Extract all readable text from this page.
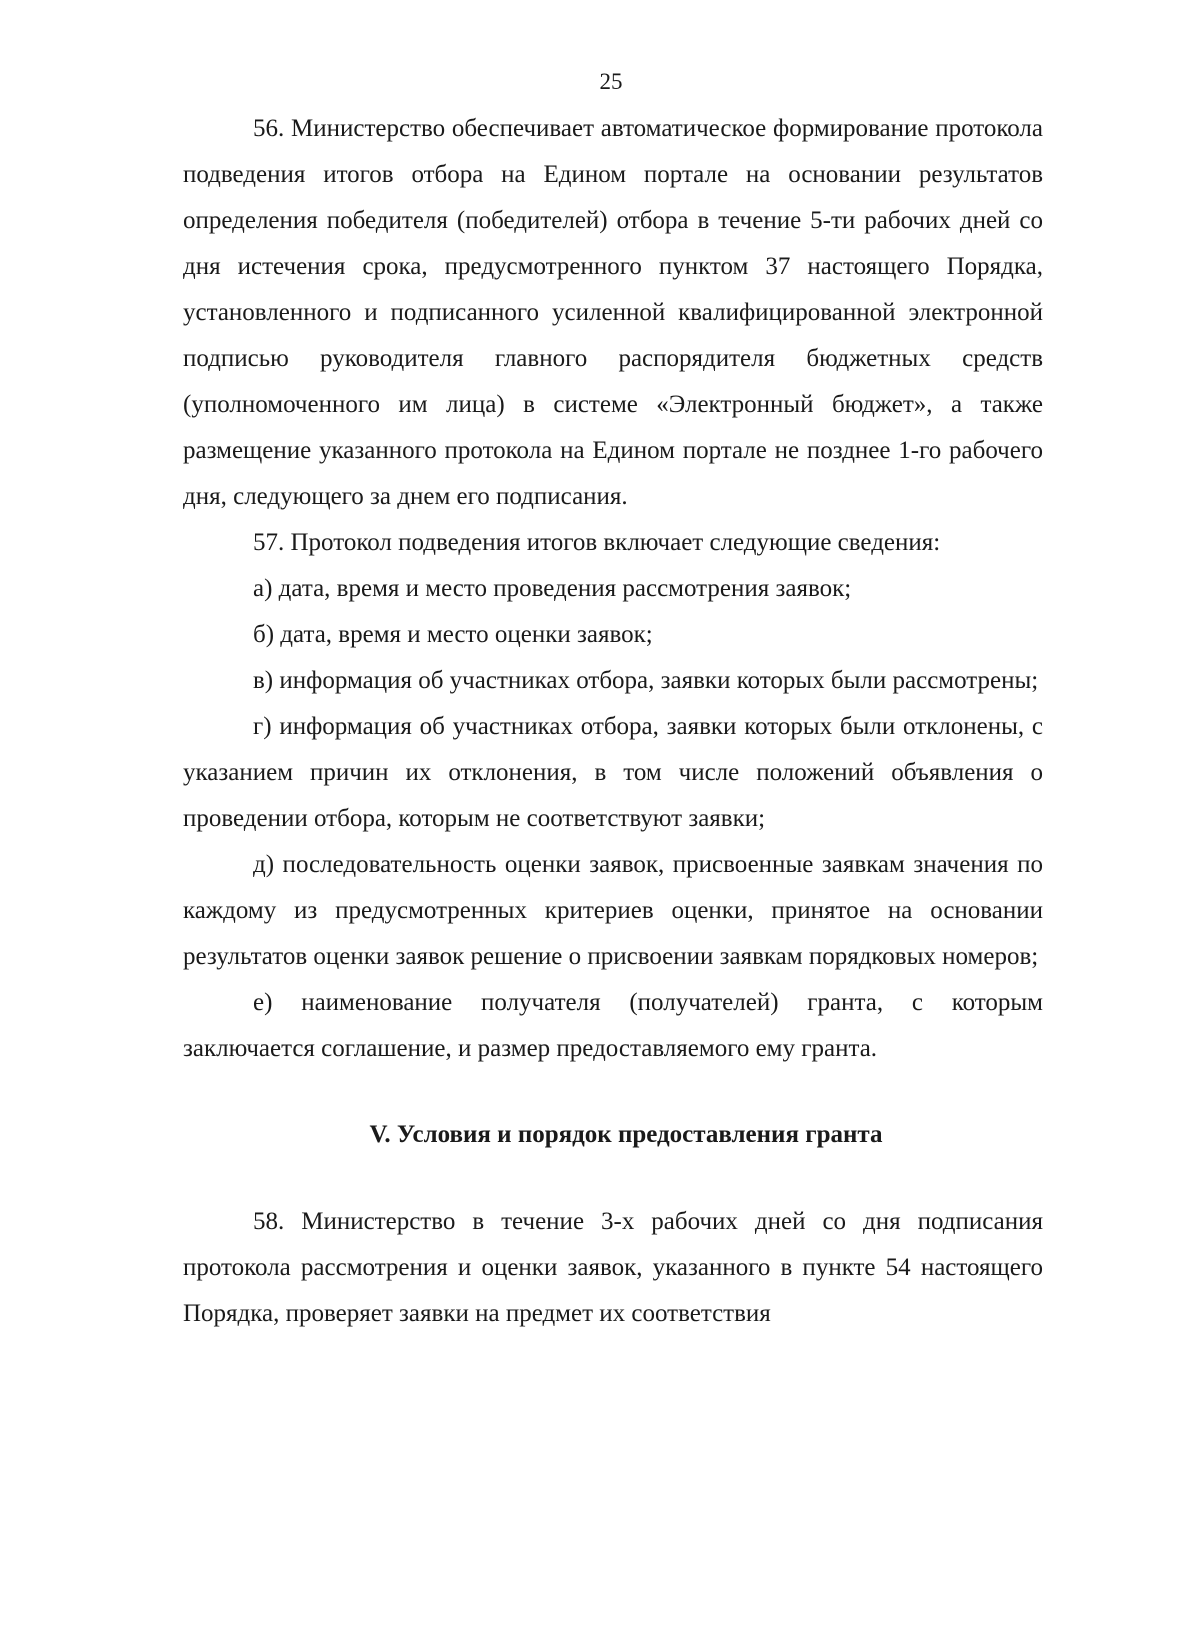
25

56. Министерство обеспечивает автоматическое формирование протокола подведения итогов отбора на Едином портале на основании результатов определения победителя (победителей) отбора в течение 5-ти рабочих дней со дня истечения срока, предусмотренного пунктом 37 настоящего Порядка, установленного и подписанного усиленной квалифицированной электронной подписью руководителя главного распорядителя бюджетных средств (уполномоченного им лица) в системе «Электронный бюджет», а также размещение указанного протокола на Едином портале не позднее 1-го рабочего дня, следующего за днем его подписания.

57. Протокол подведения итогов включает следующие сведения:

а) дата, время и место проведения рассмотрения заявок;

б) дата, время и место оценки заявок;

в) информация об участниках отбора, заявки которых были рассмотрены;

г) информация об участниках отбора, заявки которых были отклонены, с указанием причин их отклонения, в том числе положений объявления о проведении отбора, которым не соответствуют заявки;

д) последовательность оценки заявок, присвоенные заявкам значения по каждому из предусмотренных критериев оценки, принятое на основании результатов оценки заявок решение о присвоении заявкам порядковых номеров;

е) наименование получателя (получателей) гранта, с которым заключается соглашение, и размер предоставляемого ему гранта.

V. Условия и порядок предоставления гранта

58. Министерство в течение 3-х рабочих дней со дня подписания протокола рассмотрения и оценки заявок, указанного в пункте 54 настоящего Порядка, проверяет заявки на предмет их соответствия
